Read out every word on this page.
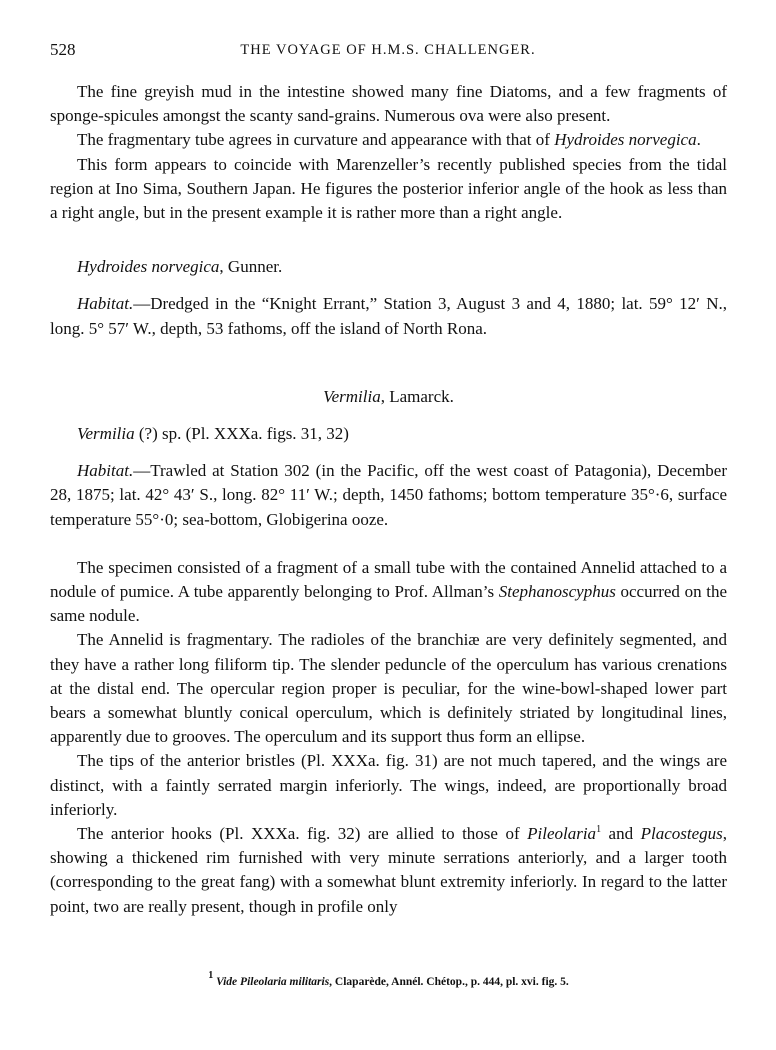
528	THE VOYAGE OF H.M.S. CHALLENGER.

The fine greyish mud in the intestine showed many fine Diatoms, and a few fragments of sponge-spicules amongst the scanty sand-grains. Numerous ova were also present.

The fragmentary tube agrees in curvature and appearance with that of Hydroides norvegica.

This form appears to coincide with Marenzeller’s recently published species from the tidal region at Ino Sima, Southern Japan. He figures the posterior inferior angle of the hook as less than a right angle, but in the present example it is rather more than a right angle.

Hydroides norvegica, Gunner.

Habitat.—Dredged in the “Knight Errant,” Station 3, August 3 and 4, 1880; lat. 59° 12′ N., long. 5° 57′ W., depth, 53 fathoms, off the island of North Rona.

Vermilia, Lamarck.

Vermilia (?) sp. (Pl. XXXa. figs. 31, 32)

Habitat.—Trawled at Station 302 (in the Pacific, off the west coast of Patagonia), December 28, 1875; lat. 42° 43′ S., long. 82° 11′ W.; depth, 1450 fathoms; bottom temperature 35°·6, surface temperature 55°·0; sea-bottom, Globigerina ooze.

The specimen consisted of a fragment of a small tube with the contained Annelid attached to a nodule of pumice. A tube apparently belonging to Prof. Allman’s Stephanoscyphus occurred on the same nodule.

The Annelid is fragmentary. The radioles of the branchiæ are very definitely segmented, and they have a rather long filiform tip. The slender peduncle of the operculum has various crenations at the distal end. The opercular region proper is peculiar, for the wine-bowl-shaped lower part bears a somewhat bluntly conical operculum, which is definitely striated by longitudinal lines, apparently due to grooves. The operculum and its support thus form an ellipse.

The tips of the anterior bristles (Pl. XXXa. fig. 31) are not much tapered, and the wings are distinct, with a faintly serrated margin inferiorly. The wings, indeed, are proportionally broad inferiorly.

The anterior hooks (Pl. XXXa. fig. 32) are allied to those of Pileolaria$^1$ and Placostegus, showing a thickened rim furnished with very minute serrations anteriorly, and a larger tooth (corresponding to the great fang) with a somewhat blunt extremity inferiorly. In regard to the latter point, two are really present, though in profile only

$^1$ Vide Pileolaria militaris, Claparède, Annél. Chétop., p. 444, pl. xvi. fig. 5.
